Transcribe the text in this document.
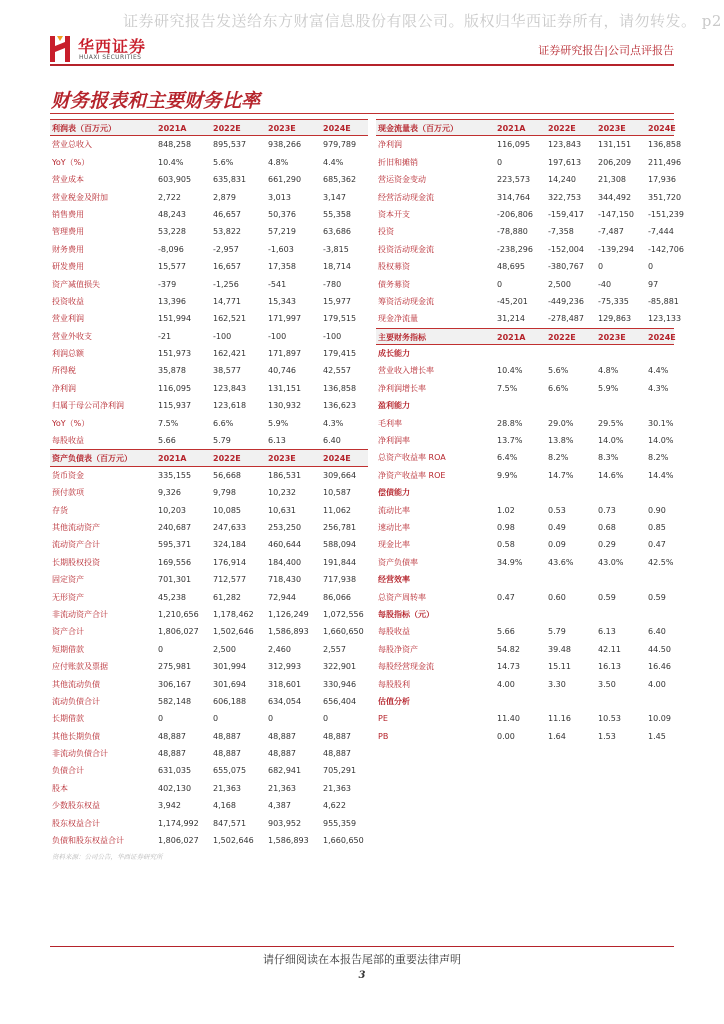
证券研究报告发送给东方财富信息股份有限公司。版权归华西证券所有，请勿转发。 p2
华西证券
HUAXI SECURITIES
证券研究报告|公司点评报告
财务报表和主要财务比率
利润表（百万元）	2021A	2022E	2023E	2024E
营业总收入	848,258	895,537	938,266	979,789
YoY（%）	10.4%	5.6%	4.8%	4.4%
营业成本	603,905	635,831	661,290	685,362
营业税金及附加	2,722	2,879	3,013	3,147
销售费用	48,243	46,657	50,376	55,358
管理费用	53,228	53,822	57,219	63,686
财务费用	-8,096	-2,957	-1,603	-3,815
研发费用	15,577	16,657	17,358	18,714
资产减值损失	-379	-1,256	-541	-780
投资收益	13,396	14,771	15,343	15,977
营业利润	151,994	162,521	171,997	179,515
营业外收支	-21	-100	-100	-100
利润总额	151,973	162,421	171,897	179,415
所得税	35,878	38,577	40,746	42,557
净利润	116,095	123,843	131,151	136,858
归属于母公司净利润	115,937	123,618	130,932	136,623
YoY（%）	7.5%	6.6%	5.9%	4.3%
每股收益	5.66	5.79	6.13	6.40
资产负债表（百万元）	2021A	2022E	2023E	2024E
货币资金	335,155	56,668	186,531	309,664
预付款项	9,326	9,798	10,232	10,587
存货	10,203	10,085	10,631	11,062
其他流动资产	240,687	247,633	253,250	256,781
流动资产合计	595,371	324,184	460,644	588,094
长期股权投资	169,556	176,914	184,400	191,844
固定资产	701,301	712,577	718,430	717,938
无形资产	45,238	61,282	72,944	86,066
非流动资产合计	1,210,656 1,178,462 1,126,249 1,072,556
资产合计	1,806,027 1,502,646 1,586,893 1,660,650
短期借款	0	2,500	2,460	2,557
应付账款及票据	275,981	301,994	312,993	322,901
其他流动负债	306,167	301,694	318,601	330,946
流动负债合计	582,148	606,188	634,054	656,404
长期借款	0	0	0	0
其他长期负债	48,887	48,887	48,887	48,887
非流动负债合计	48,887	48,887	48,887	48,887
负债合计	631,035	655,075	682,941	705,291
股本	402,130	21,363	21,363	21,363
少数股东权益	3,942	4,168	4,387	4,622
股东权益合计	1,174,992 847,571	903,952	955,359
负债和股东权益合计	1,806,027 1,502,646 1,586,893 1,660,650
现金流量表（百万元）	2021A	2022E	2023E	2024E
净利润	116,095 123,843 131,151 136,858
折旧和摊销	0	197,613 206,209 211,496
营运资金变动	223,573 14,240	21,308	17,936
经营活动现金流	314,764 322,753 344,492 351,720
资本开支	-206,806 -159,417 -147,150 -151,239
投资	-78,880	-7,358	-7,487	-7,444
投资活动现金流	-238,296 -152,004 -139,294 -142,706
股权募资	48,695	-380,767 0	0
债务募资	0	2,500	-40	97
筹资活动现金流	-45,201	-449,236 -75,335 -85,881
现金净流量	31,214	-278,487 129,863 123,133
主要财务指标	2021A	2022E	2023E	2024E
成长能力
营业收入增长率	10.4%	5.6%	4.8%	4.4%
净利润增长率	7.5%	6.6%	5.9%	4.3%
盈利能力
毛利率	28.8%	29.0%	29.5%	30.1%
净利润率	13.7%	13.8%	14.0%	14.0%
总资产收益率 ROA	6.4%	8.2%	8.3%	8.2%
净资产收益率 ROE	9.9%	14.7%	14.6%	14.4%
偿债能力
流动比率	1.02	0.53	0.73	0.90
速动比率	0.98	0.49	0.68	0.85
现金比率	0.58	0.09	0.29	0.47
资产负债率	34.9%	43.6%	43.0%	42.5%
经营效率
总资产周转率	0.47	0.60	0.59	0.59
每股指标（元）
每股收益	5.66	5.79	6.13	6.40
每股净资产	54.82	39.48	42.11	44.50
每股经营现金流	14.73	15.11	16.13	16.46
每股股利	4.00	3.30	3.50	4.00
估值分析
PE	11.40	11.16	10.53	10.09
PB	0.00	1.64	1.53	1.45
资料来源：公司公告，华西证券研究所
请仔细阅读在本报告尾部的重要法律声明
3
